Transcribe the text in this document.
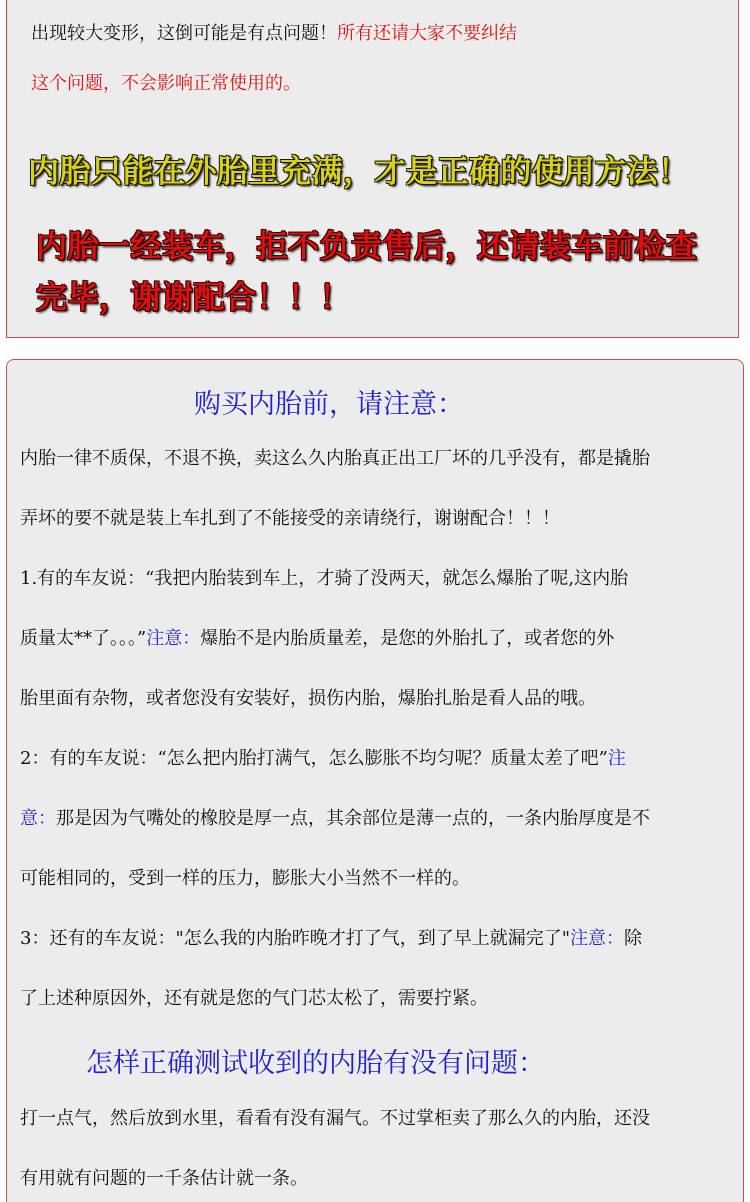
出现较大变形，这倒可能是有点问题！所有还请大家不要纠结
这个问题，不会影响正常使用的。
内胎只能在外胎里充满，才是正确的使用方法！
内胎一经装车，拒不负责售后，还请装车前检查
完毕，谢谢配合！！！
购买内胎前，请注意：
内胎一律不质保，不退不换，卖这么久内胎真正出工厂坏的几乎没有，都是撬胎
弄坏的要不就是装上车扎到了不能接受的亲请绕行，谢谢配合！！！
1.有的车友说：“我把内胎装到车上，才骑了没两天，就怎么爆胎了呢,这内胎
质量太**了。。。”注意：爆胎不是内胎质量差，是您的外胎扎了，或者您的外
胎里面有杂物，或者您没有安装好，损伤内胎，爆胎扎胎是看人品的哦。
2：有的车友说：“怎么把内胎打满气，怎么膨胀不均匀呢？质量太差了吧”注
意：那是因为气嘴处的橡胶是厚一点，其余部位是薄一点的，一条内胎厚度是不
可能相同的，受到一样的压力，膨胀大小当然不一样的。
3：还有的车友说："怎么我的内胎昨晚才打了气，到了早上就漏完了"注意：除
了上述种原因外，还有就是您的气门芯太松了，需要拧紧。
怎样正确测试收到的内胎有没有问题：
打一点气，然后放到水里，看看有没有漏气。不过掌柜卖了那么久的内胎，还没
有用就有问题的一千条估计就一条。
